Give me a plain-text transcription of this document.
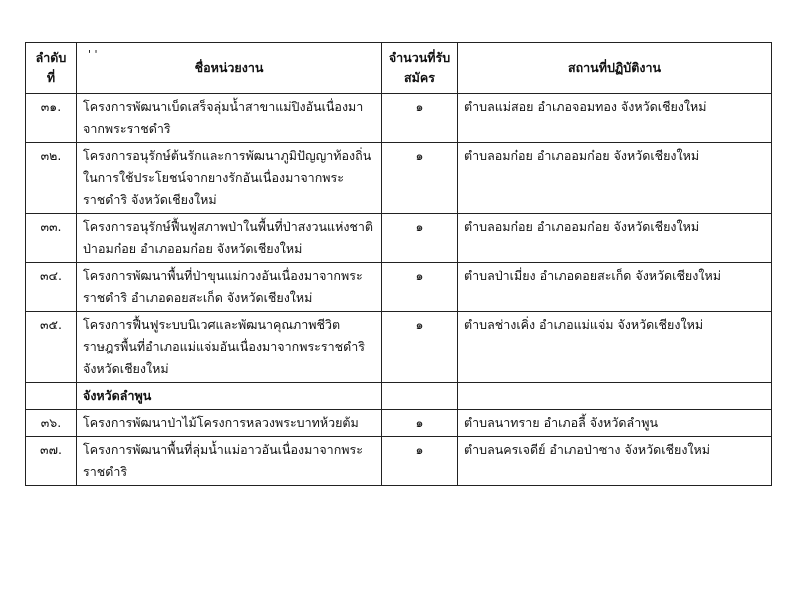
ลำดับที่	ชื่อหน่วยงาน	จำนวนที่รับสมัคร	สถานที่ปฏิบัติงาน
๓๑.	โครงการพัฒนาเบ็ดเสร็จลุ่มน้ำสาขาแม่ปิงอันเนื่องมาจากพระราชดำริ	๑	ตำบลแม่สอย อำเภอจอมทอง จังหวัดเชียงใหม่
๓๒.	โครงการอนุรักษ์ต้นรักและการพัฒนาภูมิปัญญาท้องถิ่นในการใช้ประโยชน์จากยางรักอันเนื่องมาจากพระราชดำริ จังหวัดเชียงใหม่	๑	ตำบลอมก๋อย อำเภออมก๋อย จังหวัดเชียงใหม่
๓๓.	โครงการอนุรักษ์ฟื้นฟูสภาพป่าในพื้นที่ป่าสงวนแห่งชาติป่าอมก๋อย อำเภออมก๋อย จังหวัดเชียงใหม่	๑	ตำบลอมก๋อย อำเภออมก๋อย จังหวัดเชียงใหม่
๓๔.	โครงการพัฒนาพื้นที่ป่าขุนแม่กวงอันเนื่องมาจากพระราชดำริ อำเภอดอยสะเก็ด จังหวัดเชียงใหม่	๑	ตำบลป่าเมี่ยง อำเภอดอยสะเก็ด จังหวัดเชียงใหม่
๓๕.	โครงการฟื้นฟูระบบนิเวศและพัฒนาคุณภาพชีวิตราษฎรพื้นที่อำเภอแม่แจ่มอันเนื่องมาจากพระราชดำริ จังหวัดเชียงใหม่	๑	ตำบลช่างเคิ่ง อำเภอแม่แจ่ม จังหวัดเชียงใหม่
	จังหวัดลำพูน		
๓๖.	โครงการพัฒนาป่าไม้โครงการหลวงพระบาทห้วยต้ม	๑	ตำบลนาทราย อำเภอลี้ จังหวัดลำพูน
๓๗.	โครงการพัฒนาพื้นที่ลุ่มน้ำแม่อาวอันเนื่องมาจากพระราชดำริ	๑	ตำบลนครเจดีย์ อำเภอป่าซาง จังหวัดเชียงใหม่
' '
